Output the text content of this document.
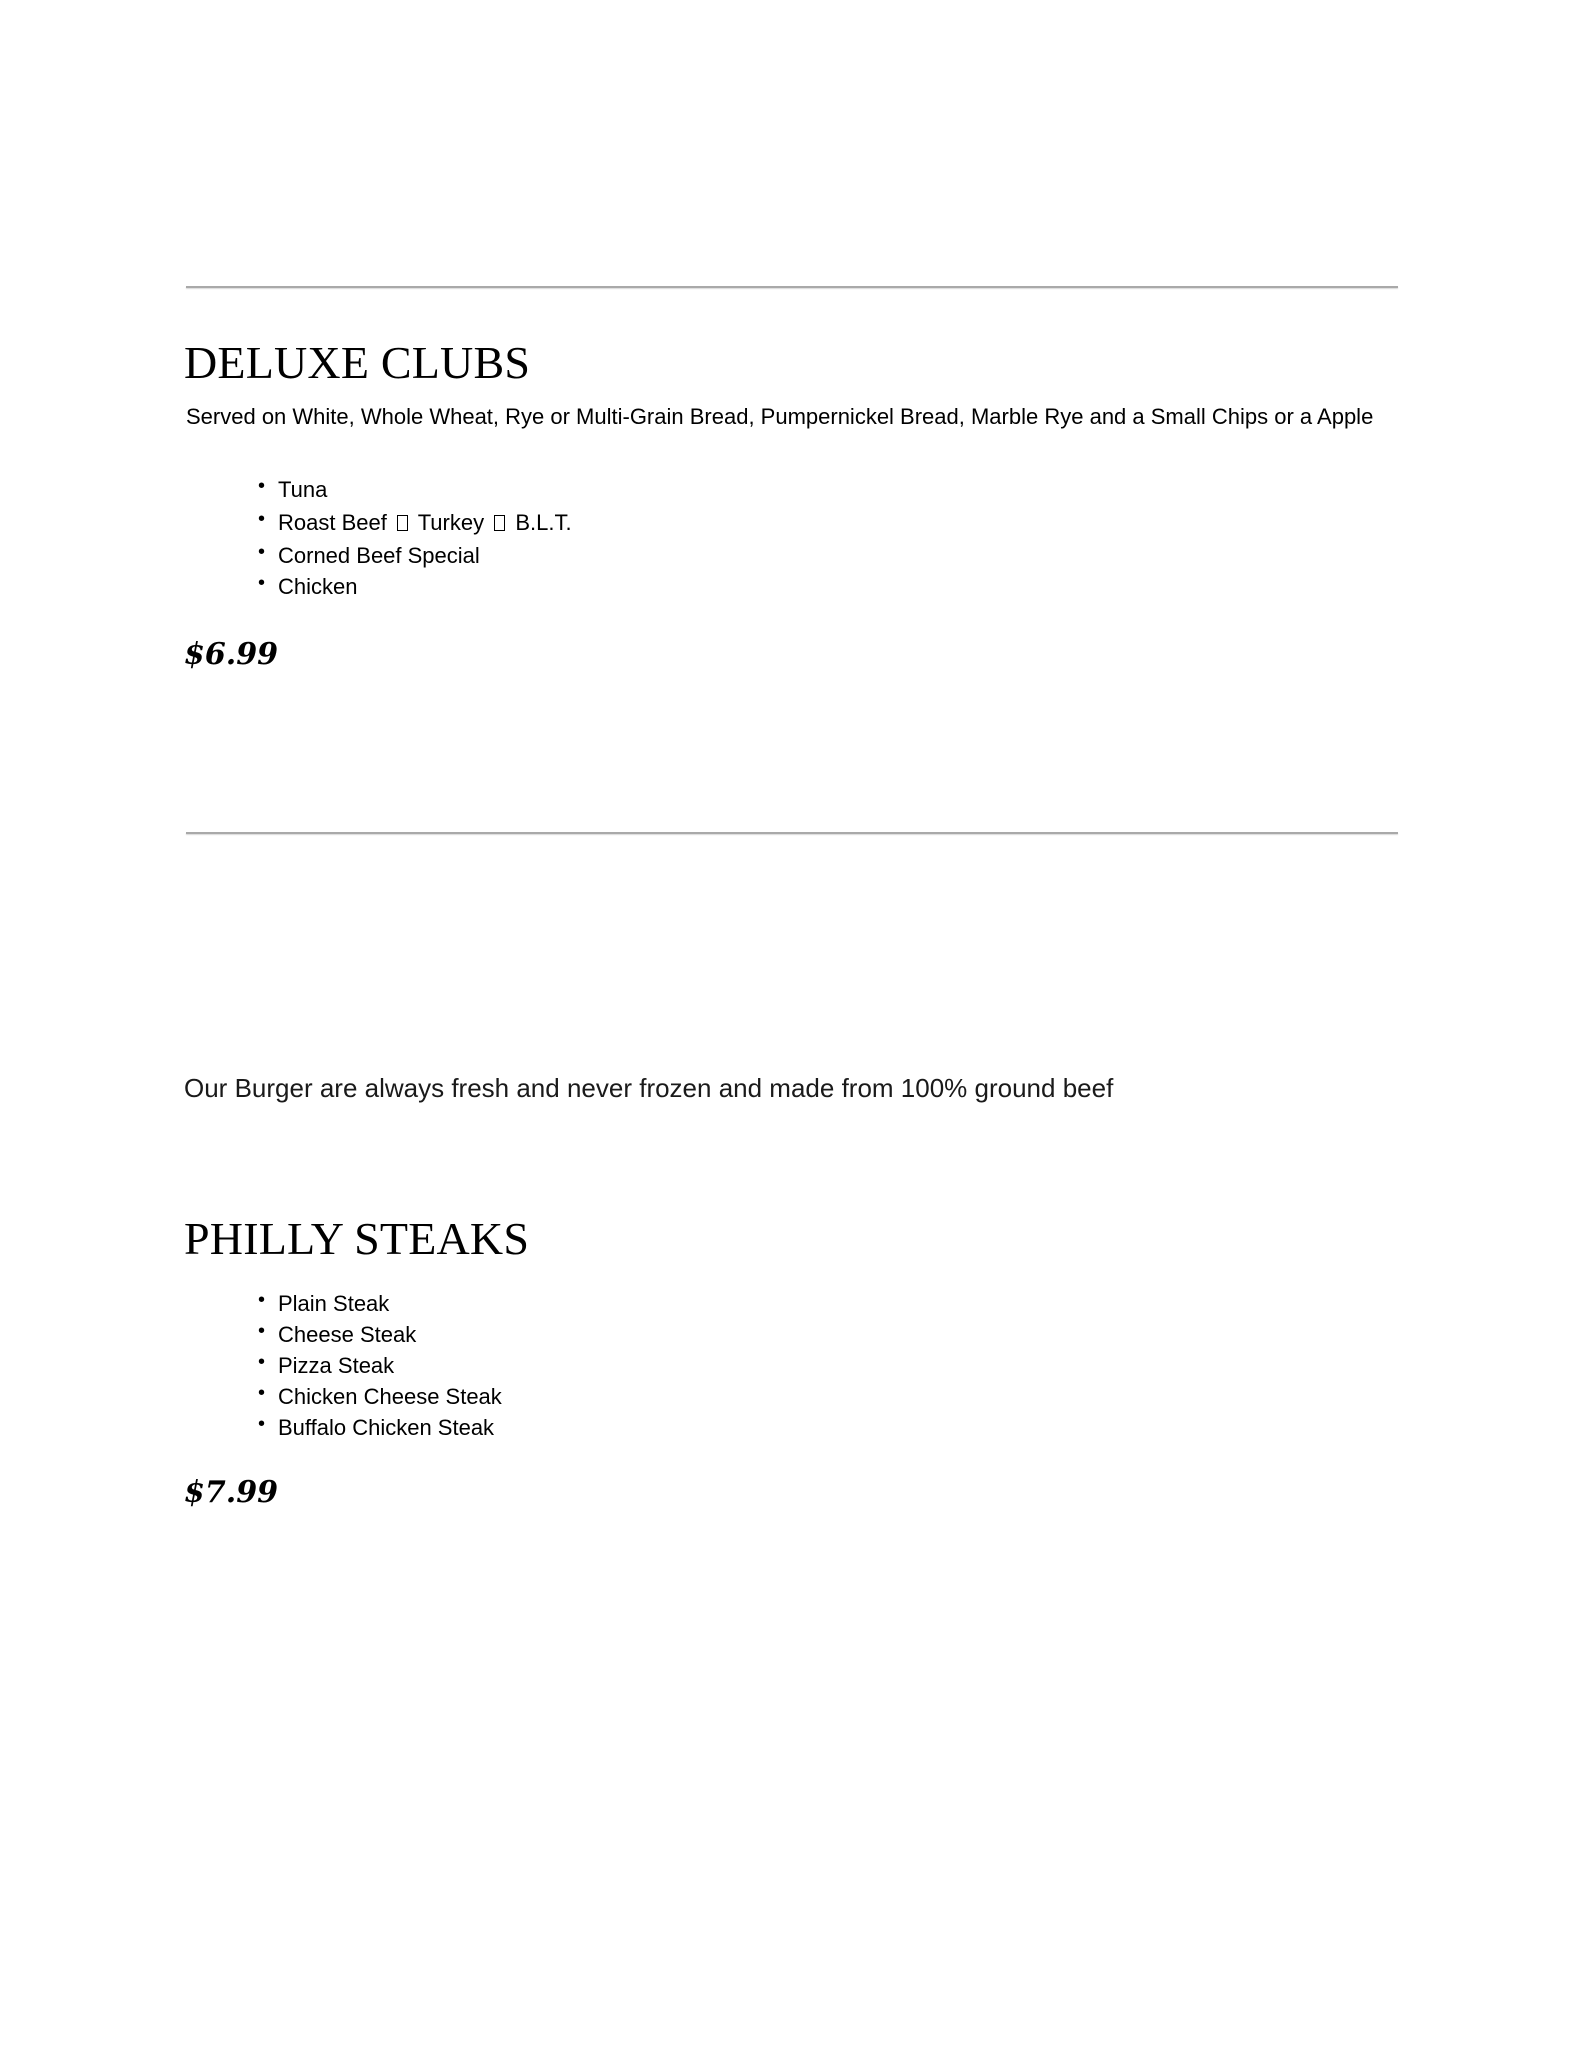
DELUXE CLUBS

Served on White, Whole Wheat, Rye or Multi-Grain Bread, Pumpernickel Bread, Marble Rye and a Small Chips or a Apple

• Tuna
• Roast Beef Turkey B.L.T.
• Corned Beef Special
• Chicken

$6.99

Our Burger are always fresh and never frozen and made from 100% ground beef

PHILLY STEAKS
• Plain Steak
• Cheese Steak
• Pizza Steak
• Chicken Cheese Steak
• Buffalo Chicken Steak

$7.99
